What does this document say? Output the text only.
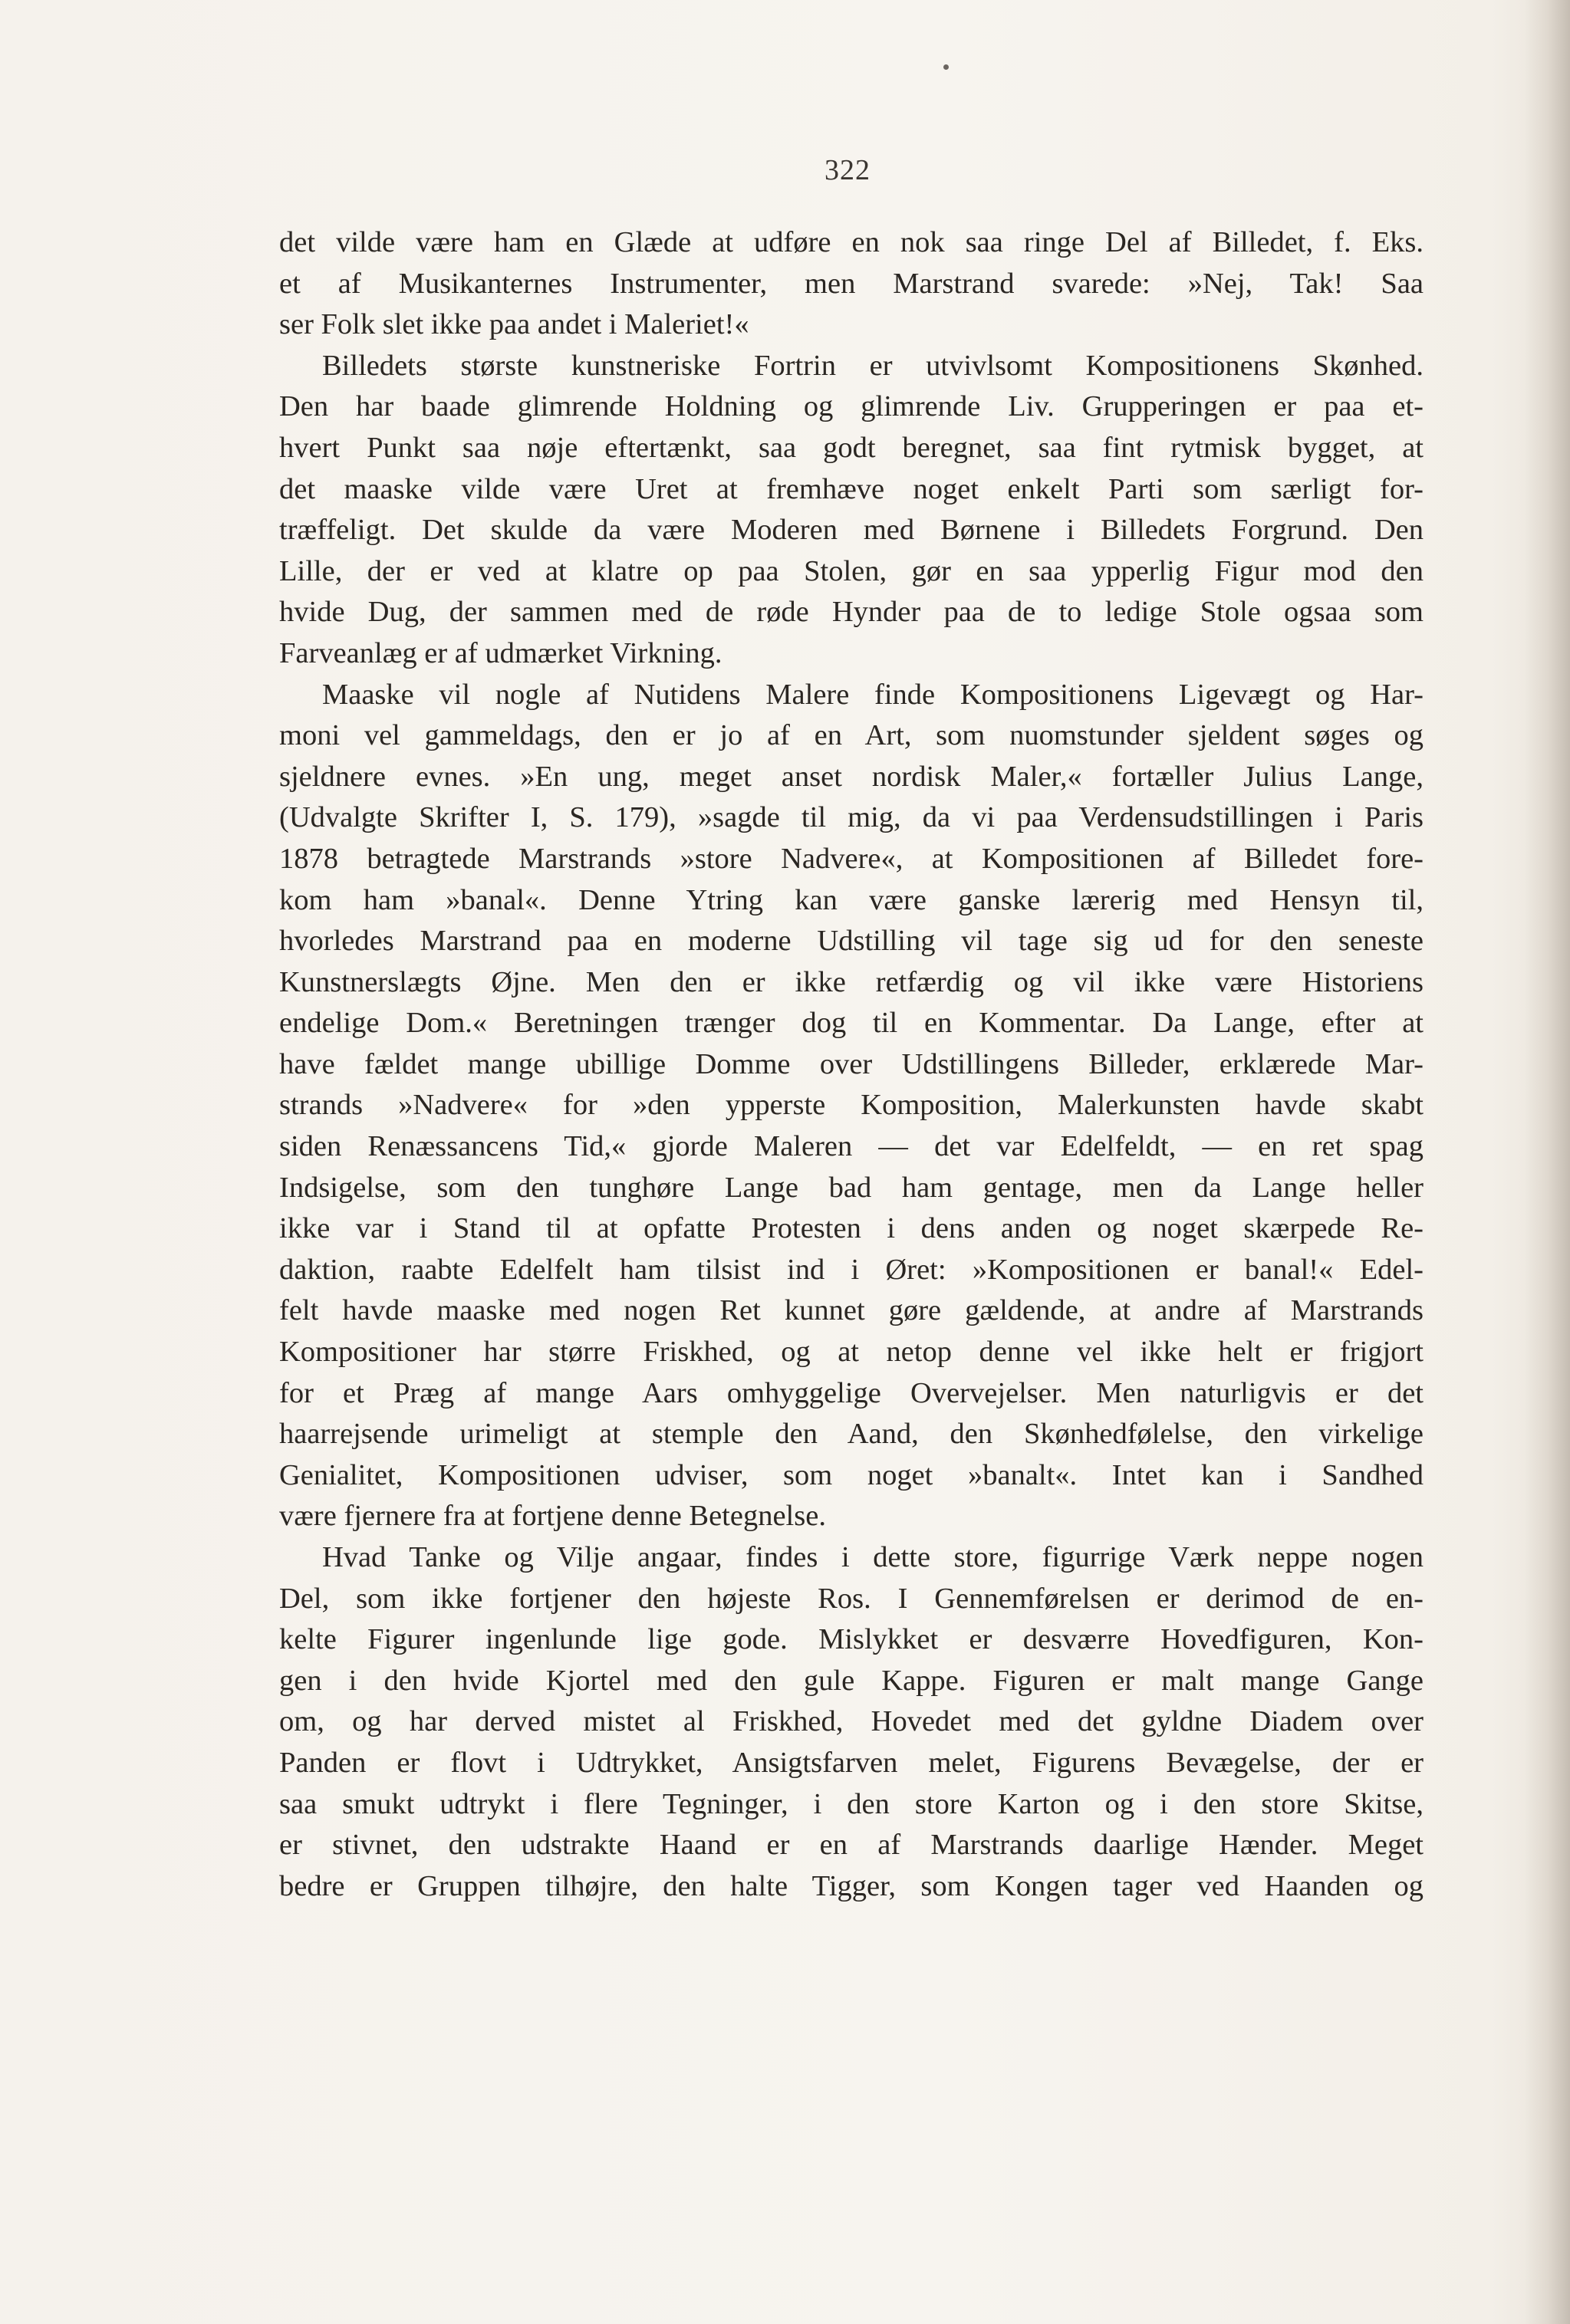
322
det vilde være ham en Glæde at udføre en nok saa ringe Del af Billedet, f. Eks.
et af Musikanternes Instrumenter, men Marstrand svarede: »Nej, Tak! Saa
ser Folk slet ikke paa andet i Maleriet!«
Billedets største kunstneriske Fortrin er utvivlsomt Kompositionens Skønhed.
Den har baade glimrende Holdning og glimrende Liv. Grupperingen er paa et-
hvert Punkt saa nøje eftertænkt, saa godt beregnet, saa fint rytmisk bygget, at
det maaske vilde være Uret at fremhæve noget enkelt Parti som særligt for-
træffeligt. Det skulde da være Moderen med Børnene i Billedets Forgrund. Den
Lille, der er ved at klatre op paa Stolen, gør en saa ypperlig Figur mod den
hvide Dug, der sammen med de røde Hynder paa de to ledige Stole ogsaa som
Farveanlæg er af udmærket Virkning.
Maaske vil nogle af Nutidens Malere finde Kompositionens Ligevægt og Har-
moni vel gammeldags, den er jo af en Art, som nuomstunder sjeldent søges og
sjeldnere evnes. »En ung, meget anset nordisk Maler,« fortæller Julius Lange,
(Udvalgte Skrifter I, S. 179), »sagde til mig, da vi paa Verdensudstillingen i Paris
1878 betragtede Marstrands »store Nadvere«, at Kompositionen af Billedet fore-
kom ham »banal«. Denne Ytring kan være ganske lærerig med Hensyn til,
hvorledes Marstrand paa en moderne Udstilling vil tage sig ud for den seneste
Kunstnerslægts Øjne. Men den er ikke retfærdig og vil ikke være Historiens
endelige Dom.« Beretningen trænger dog til en Kommentar. Da Lange, efter at
have fældet mange ubillige Domme over Udstillingens Billeder, erklærede Mar-
strands »Nadvere« for »den ypperste Komposition, Malerkunsten havde skabt
siden Renæssancens Tid,« gjorde Maleren — det var Edelfeldt, — en ret spag
Indsigelse, som den tunghøre Lange bad ham gentage, men da Lange heller
ikke var i Stand til at opfatte Protesten i dens anden og noget skærpede Re-
daktion, raabte Edelfelt ham tilsist ind i Øret: »Kompositionen er banal!« Edel-
felt havde maaske med nogen Ret kunnet gøre gældende, at andre af Marstrands
Kompositioner har større Friskhed, og at netop denne vel ikke helt er frigjort
for et Præg af mange Aars omhyggelige Overvejelser. Men naturligvis er det
haarrejsende urimeligt at stemple den Aand, den Skønhedfølelse, den virkelige
Genialitet, Kompositionen udviser, som noget »banalt«. Intet kan i Sandhed
være fjernere fra at fortjene denne Betegnelse.
Hvad Tanke og Vilje angaar, findes i dette store, figurrige Værk neppe nogen
Del, som ikke fortjener den højeste Ros. I Gennemførelsen er derimod de en-
kelte Figurer ingenlunde lige gode. Mislykket er desværre Hovedfiguren, Kon-
gen i den hvide Kjortel med den gule Kappe. Figuren er malt mange Gange
om, og har derved mistet al Friskhed, Hovedet med det gyldne Diadem over
Panden er flovt i Udtrykket, Ansigtsfarven melet, Figurens Bevægelse, der er
saa smukt udtrykt i flere Tegninger, i den store Karton og i den store Skitse,
er stivnet, den udstrakte Haand er en af Marstrands daarlige Hænder. Meget
bedre er Gruppen tilhøjre, den halte Tigger, som Kongen tager ved Haanden og
